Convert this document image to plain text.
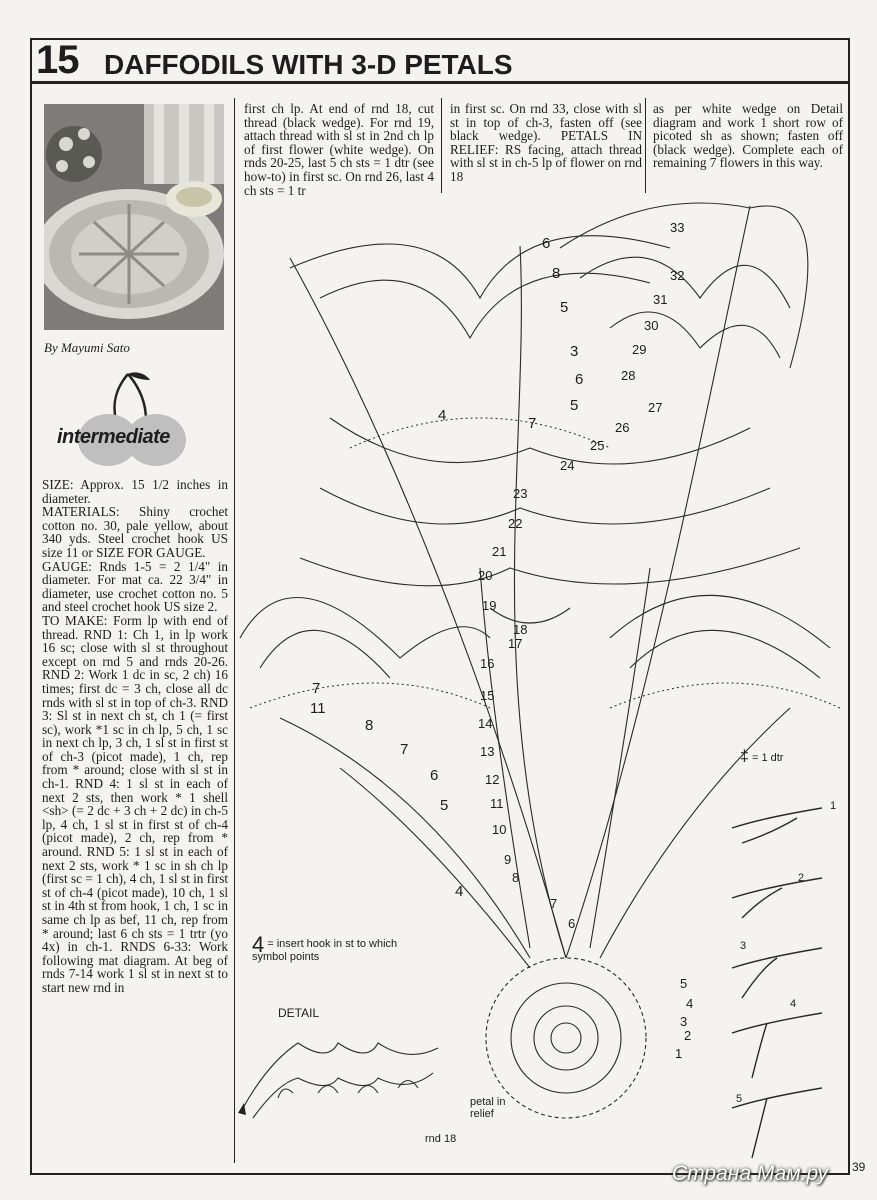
15 DAFFODILS WITH 3-D PETALS
By Mayumi Sato
intermediate
SIZE: Approx. 15 1/2 inches in diameter.
MATERIALS: Shiny crochet cotton no. 30, pale yellow, about 340 yds. Steel crochet hook US size 11 or SIZE FOR GAUGE.
GAUGE: Rnds 1-5 = 2 1/4" in diameter. For mat ca. 22 3/4" in diameter, use crochet cotton no. 5 and steel crochet hook US size 2.
TO MAKE: Form lp with end of thread. RND 1: Ch 1, in lp work 16 sc; close with sl st throughout except on rnd 5 and rnds 20-26. RND 2: Work 1 dc in sc, 2 ch) 16 times; first dc = 3 ch, close all dc rnds with sl st in top of ch-3. RND 3: Sl st in next ch st, ch 1 (= first sc), work *1 sc in ch lp, 5 ch, 1 sc in next ch lp, 3 ch, 1 sl st in first st of ch-3 (picot made), 1 ch, rep from * around; close with sl st in ch-1. RND 4: 1 sl st in each of next 2 sts, then work * 1 shell <sh> (= 2 dc + 3 ch + 2 dc) in ch-5 lp, 4 ch, 1 sl st in first st of ch-4 (picot made), 2 ch, rep from * around. RND 5: 1 sl st in each of next 2 sts, work * 1 sc in sh ch lp (first sc = 1 ch), 4 ch, 1 sl st in first st of ch-4 (picot made), 10 ch, 1 sl st in 4th st from hook, 1 ch, 1 sc in same ch lp as bef, 11 ch, rep from * around; last 6 ch sts = 1 trtr (yo 4x) in ch-1. RNDS 6-33: Work following mat diagram. At beg of rnds 7-14 work 1 sl st in next st to start new rnd in
first ch lp. At end of rnd 18, cut thread (black wedge). For rnd 19, attach thread with sl st in 2nd ch lp of first flower (white wedge). On rnds 20-25, last 5 ch sts = 1 dtr (see how-to) in first sc. On rnd 26, last 4 ch sts = 1 tr
in first sc. On rnd 33, close with sl st in top of ch-3, fasten off (see black wedge). PETALS IN RELIEF: RS facing, attach thread with sl st in ch-5 lp of flower on rnd 18
as per white wedge on Detail diagram and work 1 short row of picoted sh as shown; fasten off (black wedge). Complete each of remaining 7 flowers in this way.
33
32
31
30
29
28
27
26
25
24
23
22
21
20
19
18
17
16
15
14
13
12
11
10
9
8
7
6
5
4
3
2
1
11
8
7
6
5
4
7
6
8
5
3
6
5
7
4
‡ = 1 dtr
4 = insert hook in st to which symbol points
DETAIL
petal in relief
rnd 18
1
2
3
4
5
Страна Мам.ру 39
